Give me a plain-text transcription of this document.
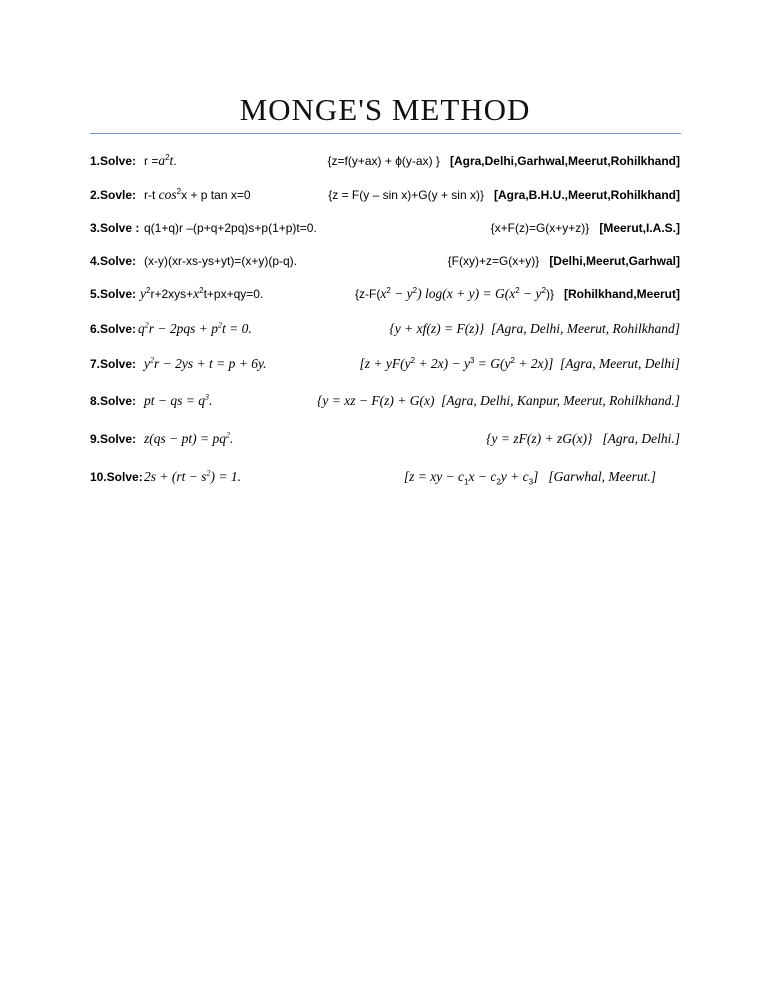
MONGE'S METHOD
1.Solve: $r =a^2t$.	{z=f(y+ax) + ϕ(y-ax) } [Agra,Delhi,Garhwal,Meerut,Rohilkhand]
2.Sovle: r-t $\cos^2x + p$ tan x=0	{z = F(y – sin x)+G(y + sin x)} [Agra,B.H.U.,Meerut,Rohilkhand]
3.Solve : q(1+q)r –(p+q+2pq)s+p(1+p)t=0.	{x+F(z)=G(x+y+z)} [Meerut,I.A.S.]
4.Solve: (x-y)(xr-xs-ys+yt)=(x+y)(p-q).	{F(xy)+z=G(x+y)} [Delhi,Meerut,Garhwal]
5.Solve: $y^2r+2xys+x^2t+px+qy=0$.	$\{z-F(x^2 - y^2) \log(x + y) = G(x^2 - y^2)\}$ [Rohilkhand,Meerut]
6.Solve: $q^2r - 2pqs + p^2t = 0$.	{y + xf(z) = F(z)} [Agra, Delhi, Meerut, Rohilkhand]
7.Solve: $y^2r - 2ys + t = p + 6y$.	$[z + yF(y^2 + 2x) - y^3 = G(y^2 + 2x)]$ [Agra, Meerut, Delhi]
8.Solve: pt − qs = $q^3$.	{y = xz − F(z) + G(x) [Agra, Delhi, Kanpur, Meerut, Rohilkhand.]
9.Solve: $z(qs - pt) = pq^2$.	{y = zF(z) + zG(x)} [Agra, Delhi.]
10.Solve: $2s + (rt - s^2) = 1$.	[z = xy − $c_1x - c_2y + c_3$] [Garwhal, Meerut.]
